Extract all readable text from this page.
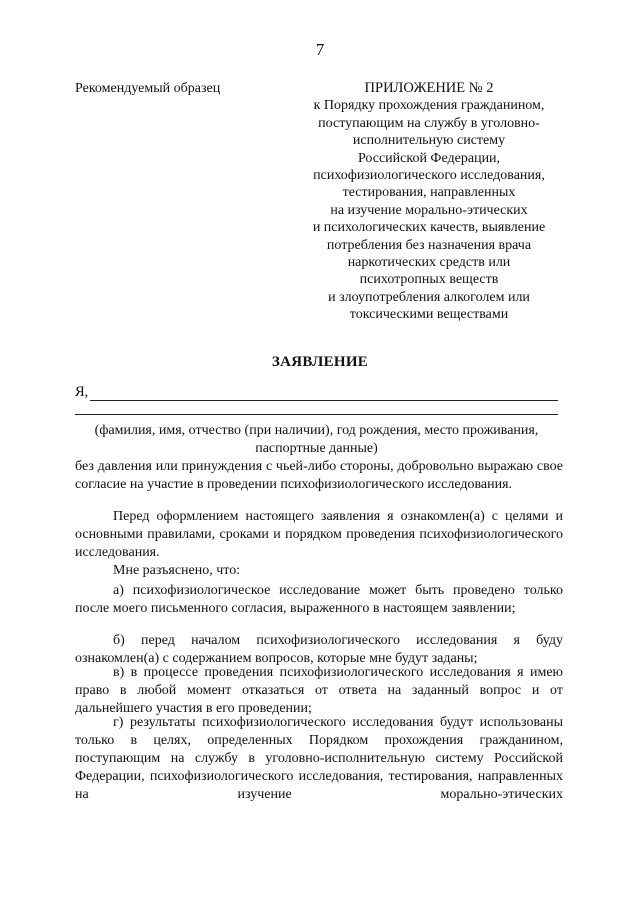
7
Рекомендуемый образец	ПРИЛОЖЕНИЕ № 2
к Порядку прохождения гражданином,
поступающим на службу в уголовно-
исполнительную систему
Российской Федерации,
психофизиологического исследования,
тестирования, направленных
на изучение морально-этических
и психологических качеств, выявление
потребления без назначения врача
наркотических средств или
психотропных веществ
и злоупотребления алкоголем или
токсическими веществами
ЗАЯВЛЕНИЕ
Я,
(фамилия, имя, отчество (при наличии), год рождения, место проживания, паспортные данные)
без давления или принуждения с чьей-либо стороны, добровольно выражаю свое согласие на участие в проведении психофизиологического исследования.
Перед оформлением настоящего заявления я ознакомлен(а) с целями и основными правилами, сроками и порядком проведения психофизиологического исследования.
Мне разъяснено, что:
а) психофизиологическое исследование может быть проведено только после моего письменного согласия, выраженного в настоящем заявлении;
б) перед началом психофизиологического исследования я буду ознакомлен(а) с содержанием вопросов, которые мне будут заданы;
в) в процессе проведения психофизиологического исследования я имею право в любой момент отказаться от ответа на заданный вопрос и от дальнейшего участия в его проведении;
г) результаты психофизиологического исследования будут использованы только в целях, определенных Порядком прохождения гражданином, поступающим на службу в уголовно-исполнительную систему Российской Федерации, психофизиологического исследования, тестирования, направленных на изучение морально-этических
